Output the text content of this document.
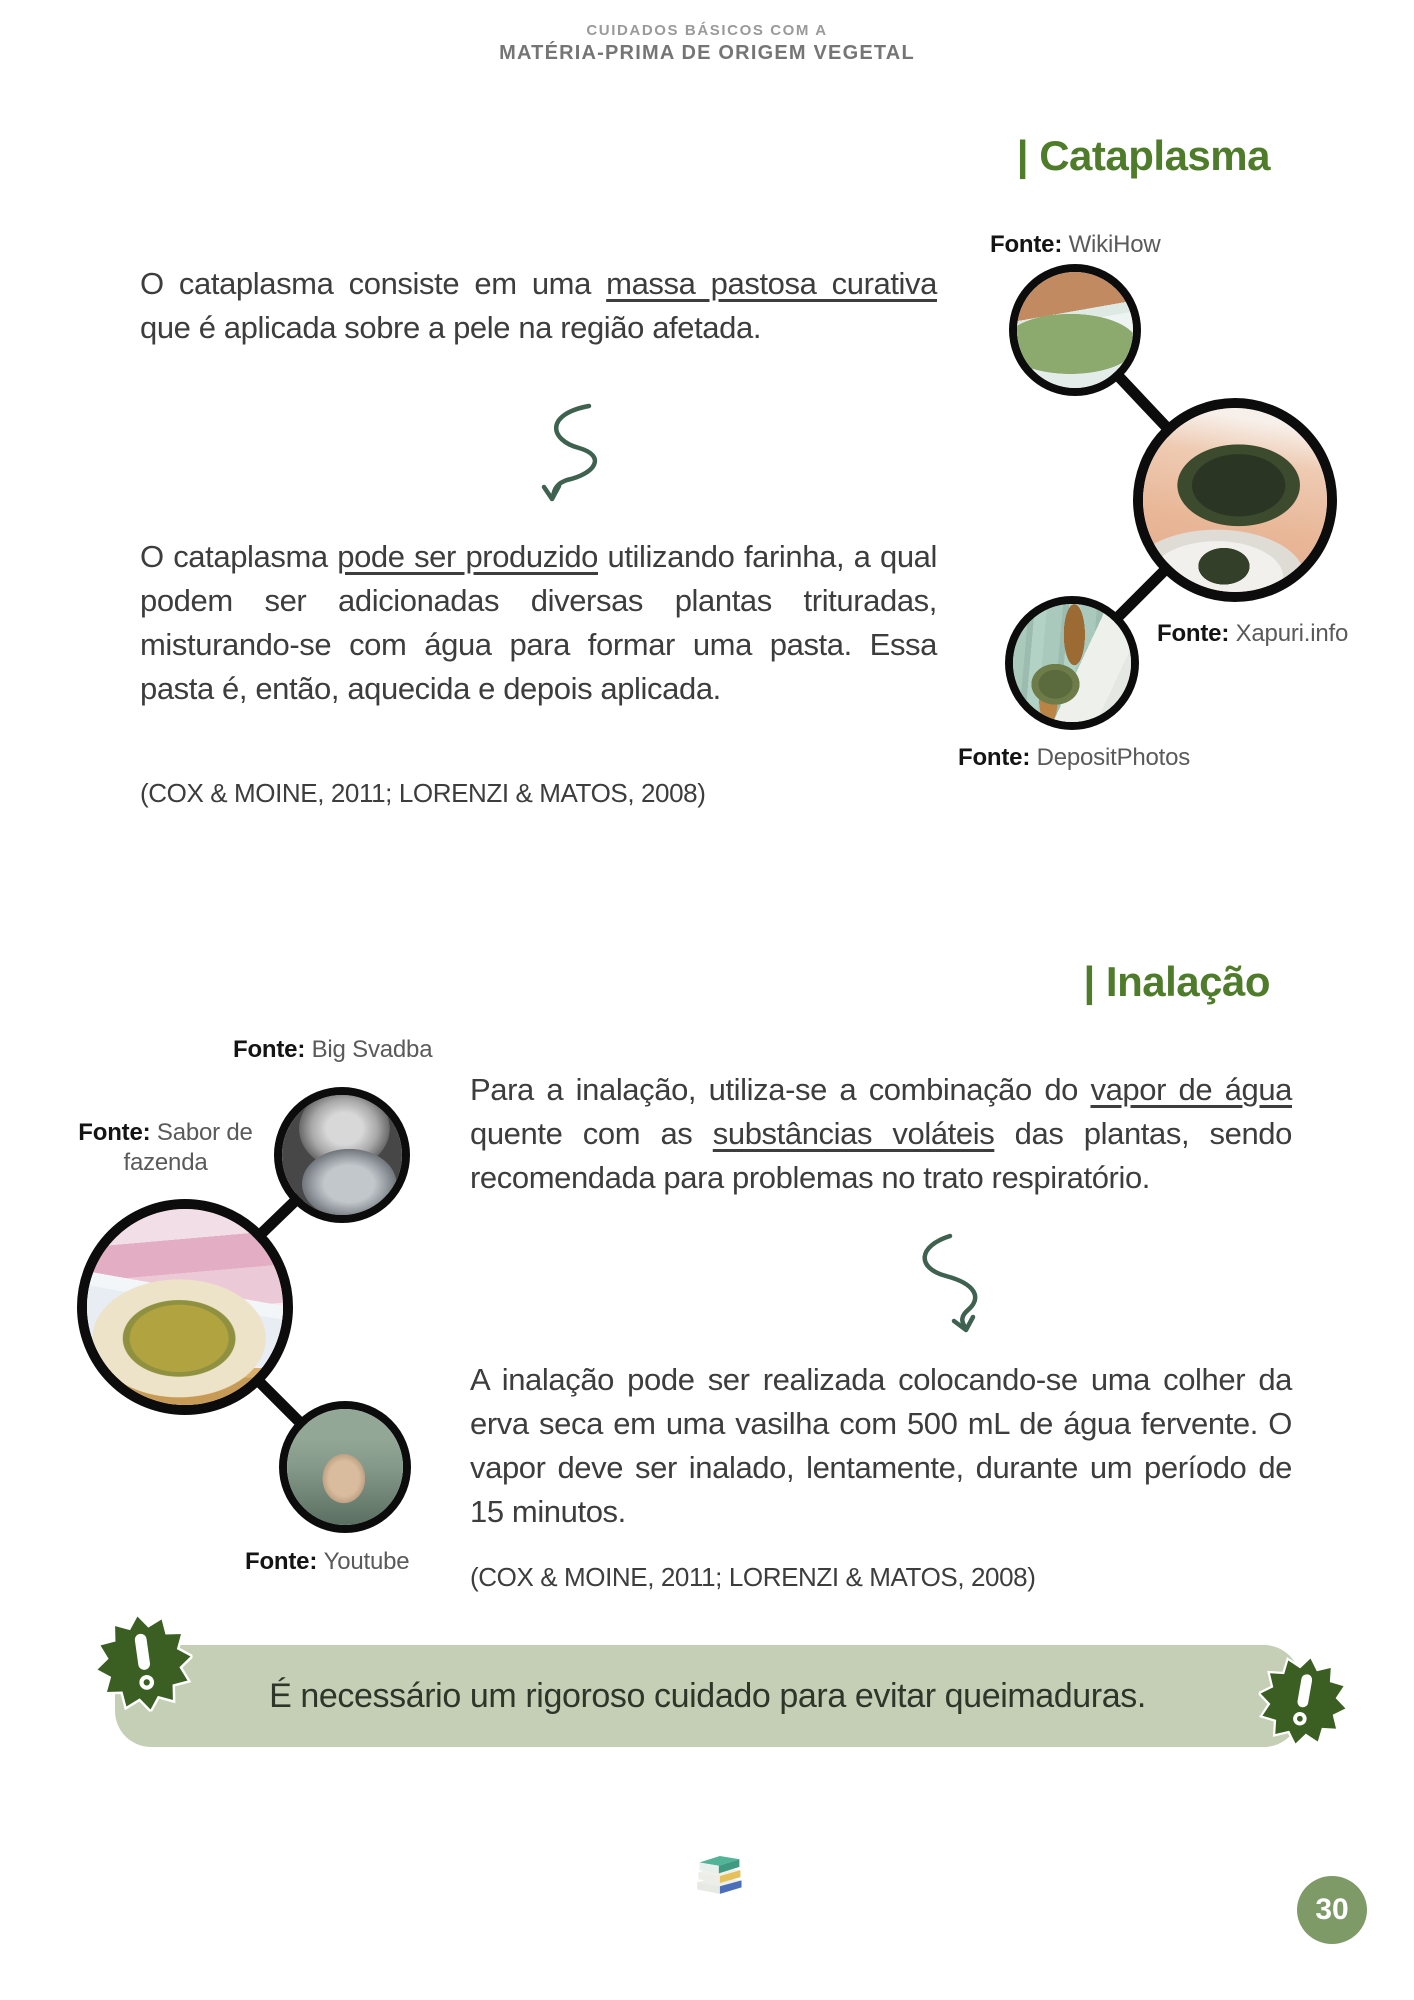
CUIDADOS BÁSICOS COM A
MATÉRIA-PRIMA DE ORIGEM VEGETAL
| Cataplasma
O cataplasma consiste em uma massa pastosa curativa que é aplicada sobre a pele na região afetada.
O cataplasma pode ser produzido utilizando farinha, a qual podem ser adicionadas diversas plantas trituradas, misturando-se com água para formar uma pasta. Essa pasta é, então, aquecida e depois aplicada.
(COX & MOINE, 2011; LORENZI & MATOS, 2008)
Fonte: WikiHow
Fonte: Xapuri.info
Fonte: DepositPhotos
| Inalação
Para a inalação, utiliza-se a combinação do vapor de água quente com as substâncias voláteis das plantas, sendo recomendada para problemas no trato respiratório.
A inalação pode ser realizada colocando-se uma colher da erva seca em uma vasilha com 500 mL de água fervente. O vapor deve ser inalado, lentamente, durante um período de 15 minutos.
(COX & MOINE, 2011; LORENZI & MATOS, 2008)
Fonte: Big Svadba
Fonte: Sabor de fazenda
Fonte: Youtube
É necessário um rigoroso cuidado para evitar queimaduras.
30
